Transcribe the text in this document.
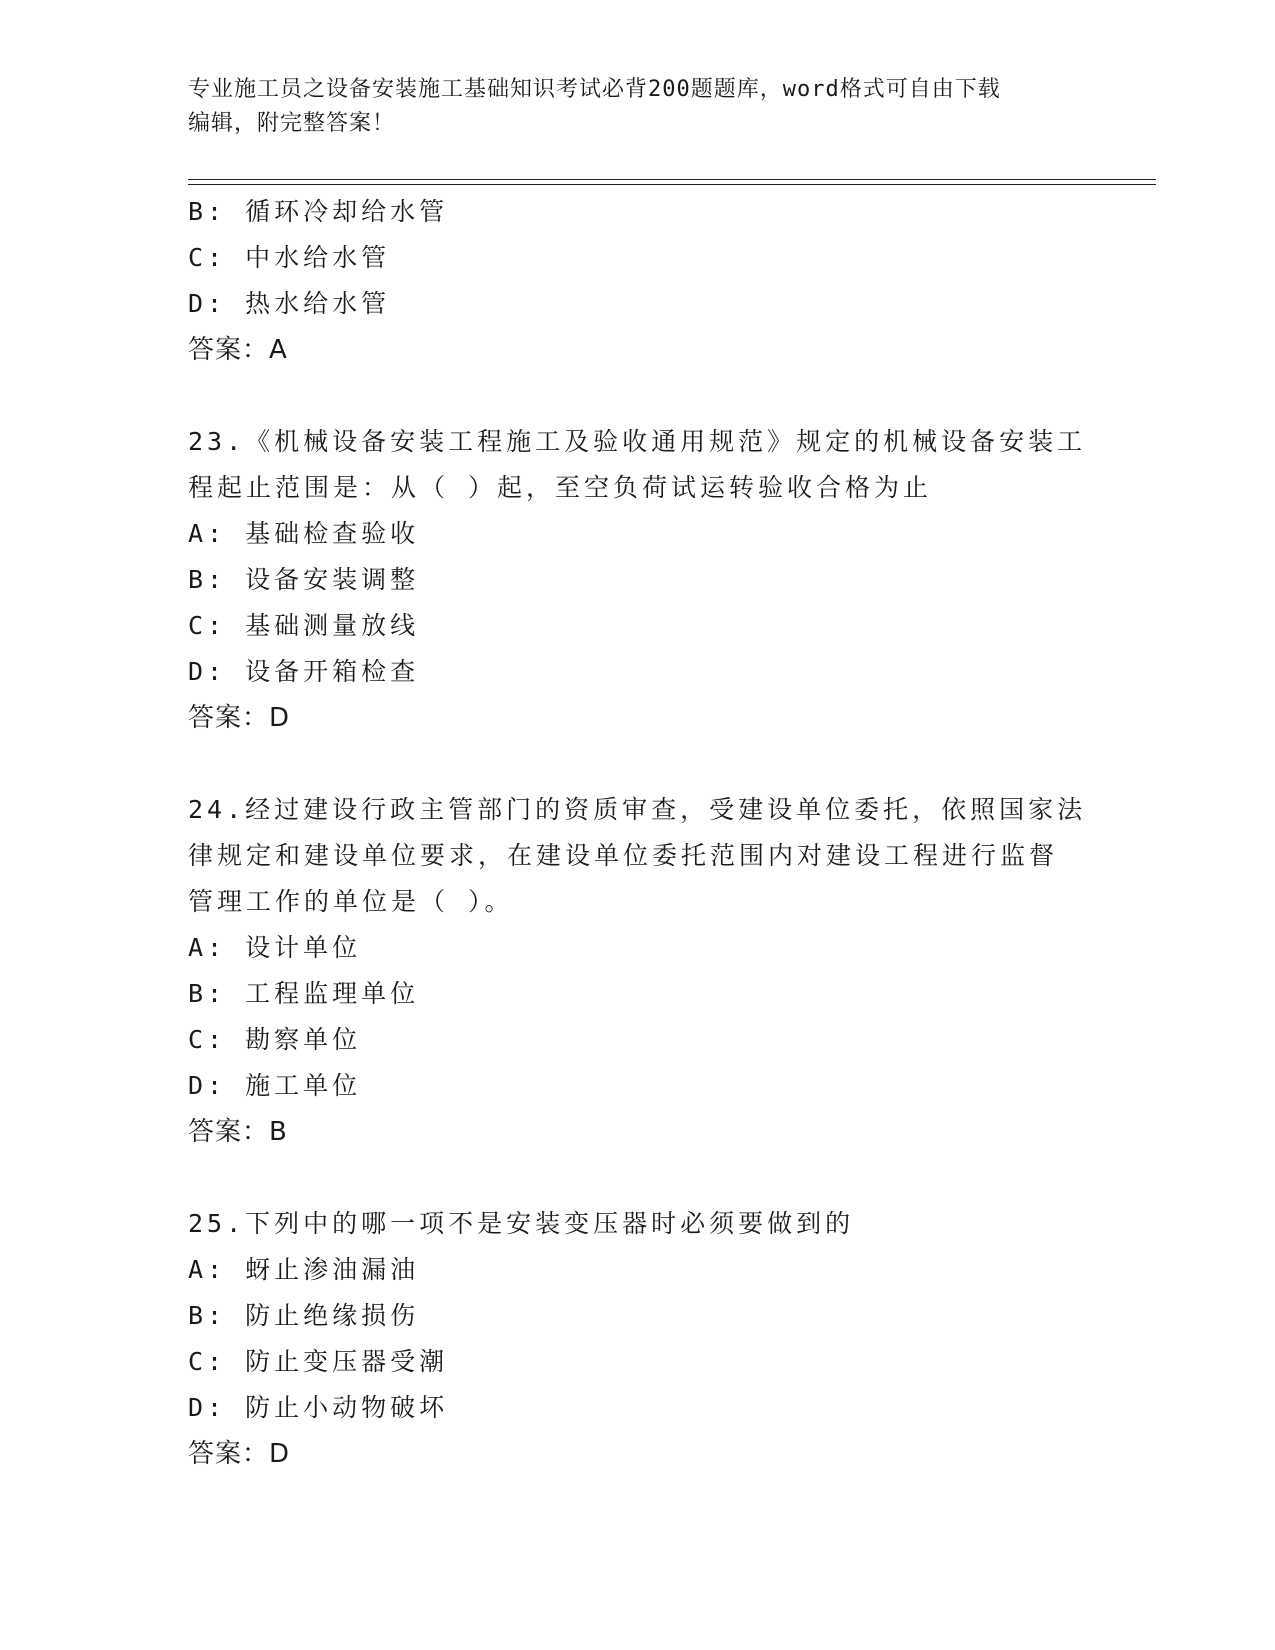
专业施工员之设备安装施工基础知识考试必背200题题库，word格式可自由下载
编辑，附完整答案！
B: 循环冷却给水管
C: 中水给水管
D: 热水给水管
答案：A
23.《机械设备安装工程施工及验收通用规范》规定的机械设备安装工
程起止范围是：从（ ）起，至空负荷试运转验收合格为止
A: 基础检查验收
B: 设备安装调整
C: 基础测量放线
D: 设备开箱检查
答案：D
24.经过建设行政主管部门的资质审查，受建设单位委托，依照国家法
律规定和建设单位要求，在建设单位委托范围内对建设工程进行监督
管理工作的单位是（ ）。
A: 设计单位
B: 工程监理单位
C: 勘察单位
D: 施工单位
答案：B
25.下列中的哪一项不是安装变压器时必须要做到的
A: 蚜止渗油漏油
B: 防止绝缘损伤
C: 防止变压器受潮
D: 防止小动物破坏
答案：D
